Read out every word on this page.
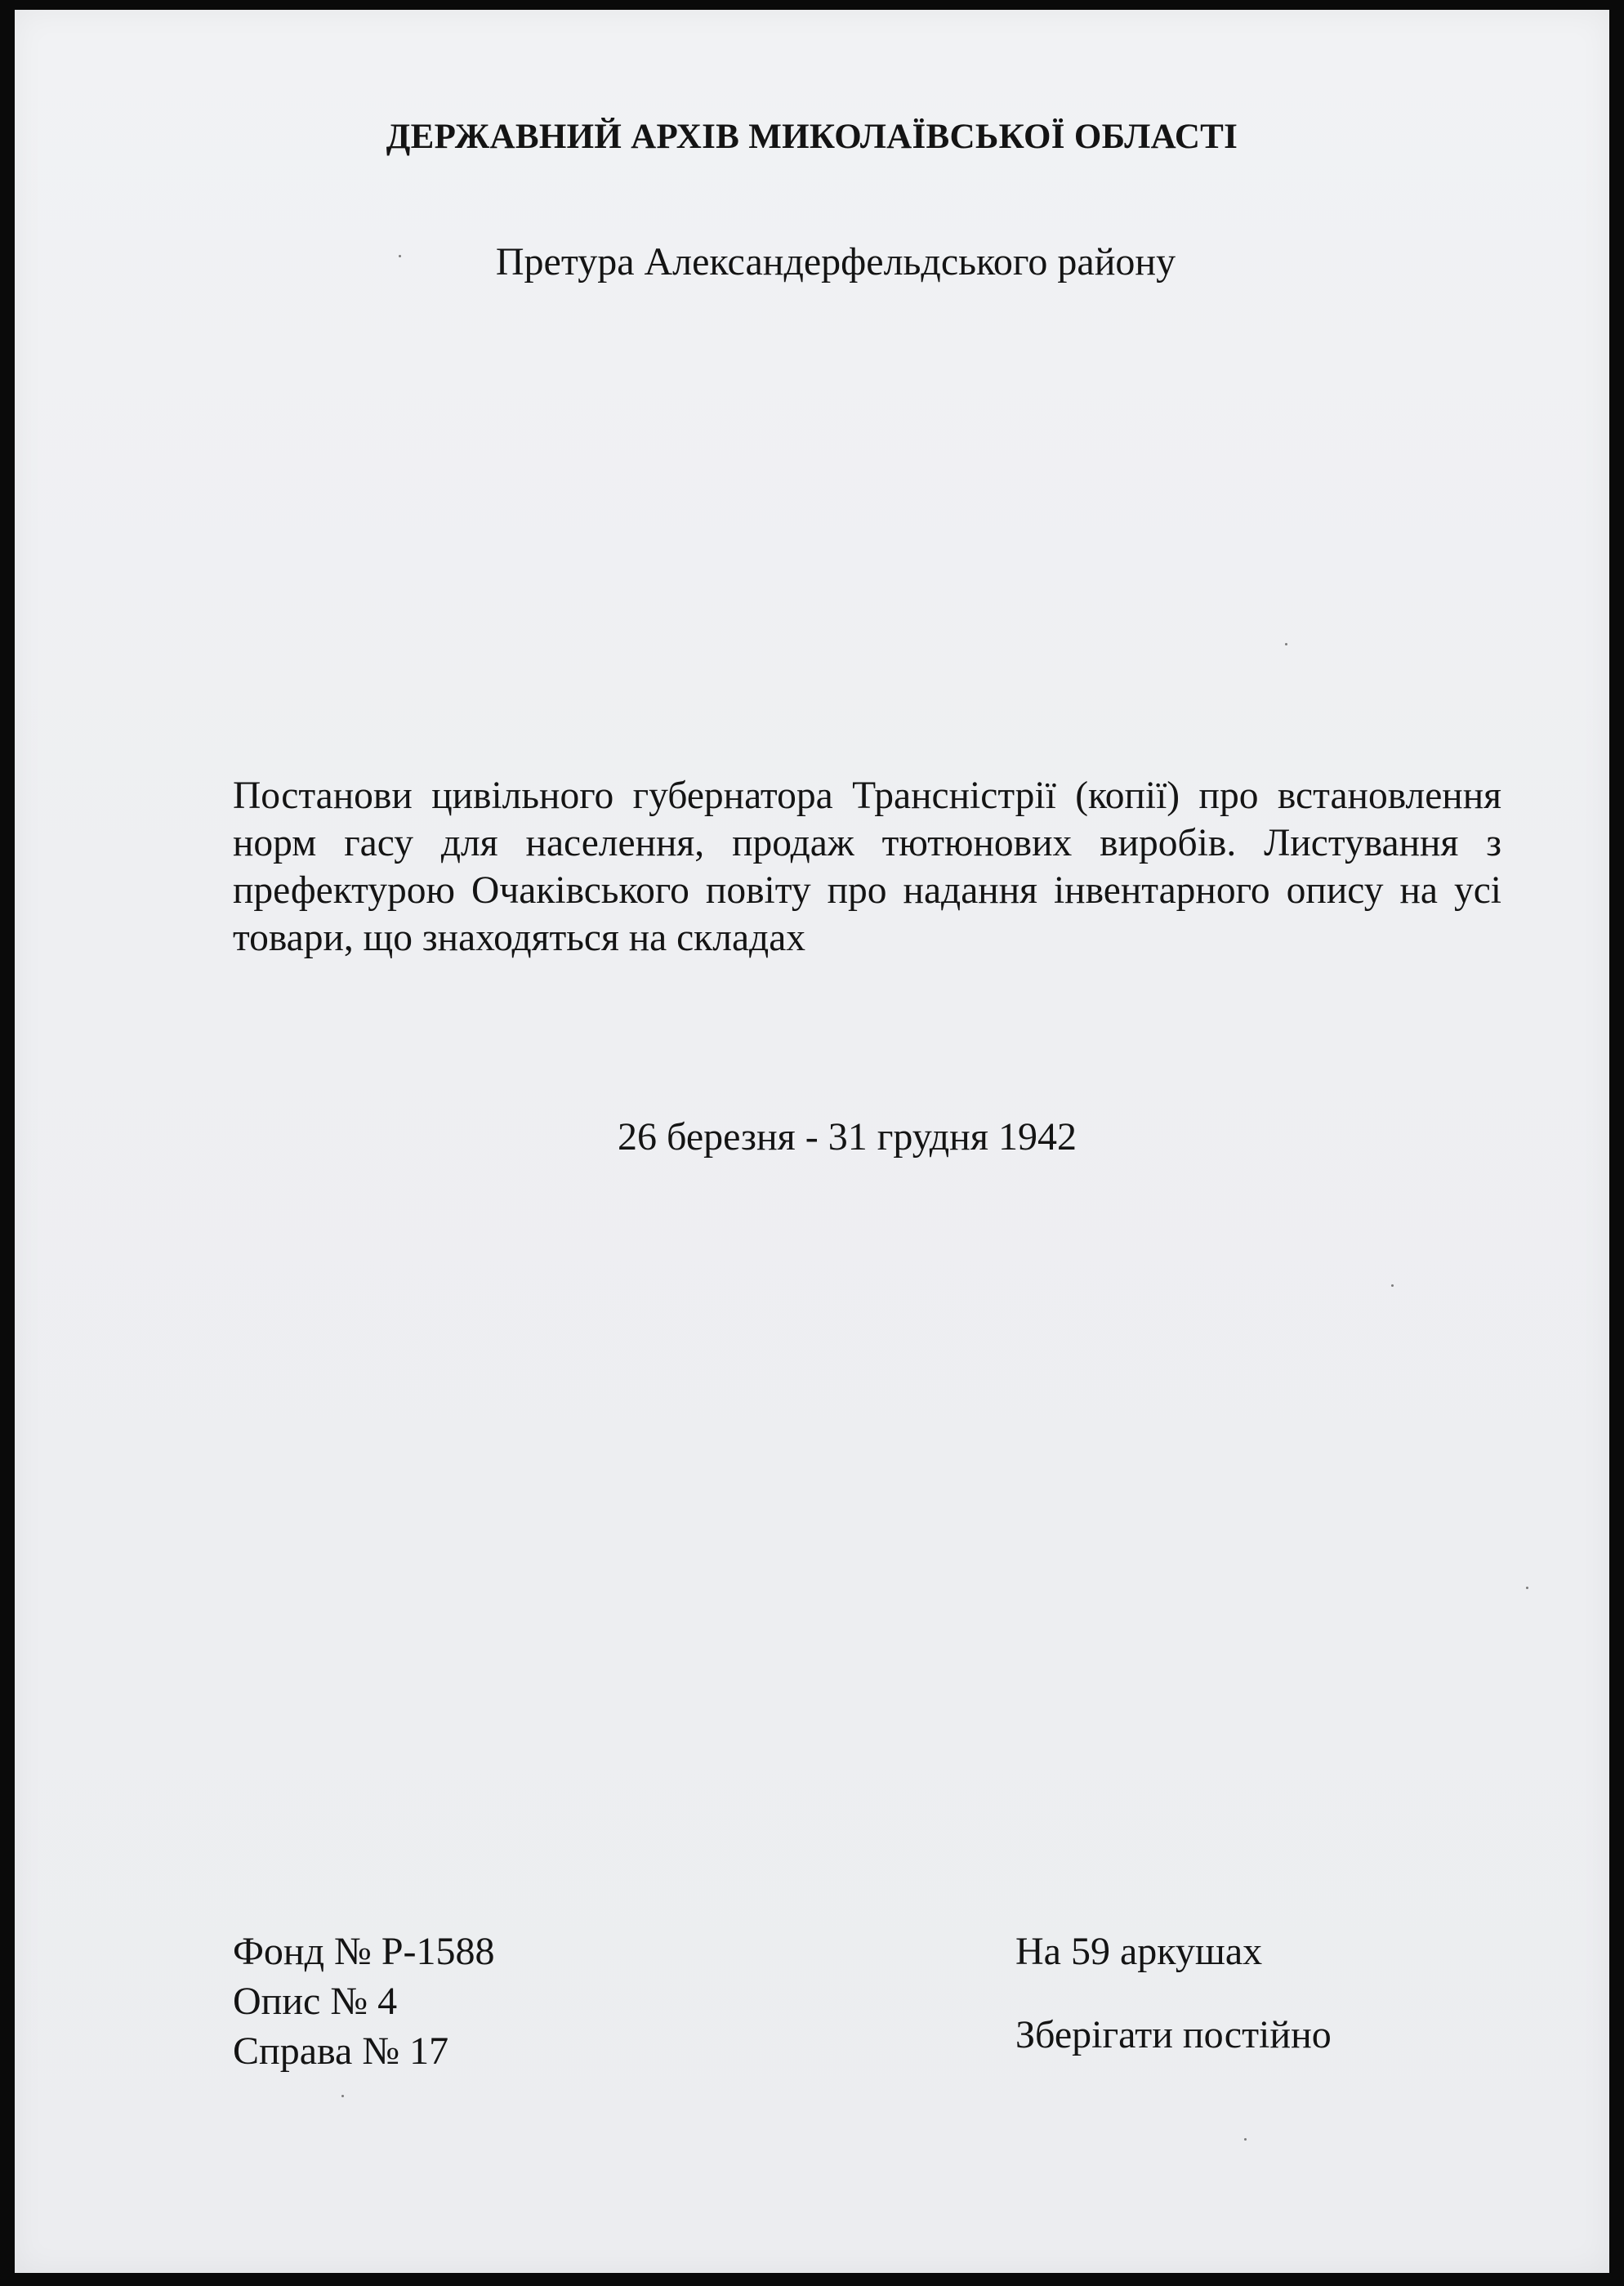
ДЕРЖАВНИЙ АРХІВ МИКОЛАЇВСЬКОЇ ОБЛАСТІ
Претура Александерфельдського району

Постанови цивільного губернатора Трансністрії (копії) про встановлення норм гасу для населення, продаж тютюнових виробів. Листування з префектурою Очаківського повіту про надання інвентарного опису на усі товари, що знаходяться на складах

26 березня - 31 грудня 1942
Фонд № Р-1588
Опис № 4
Справа № 17
На 59 аркушах
Зберігати постійно
